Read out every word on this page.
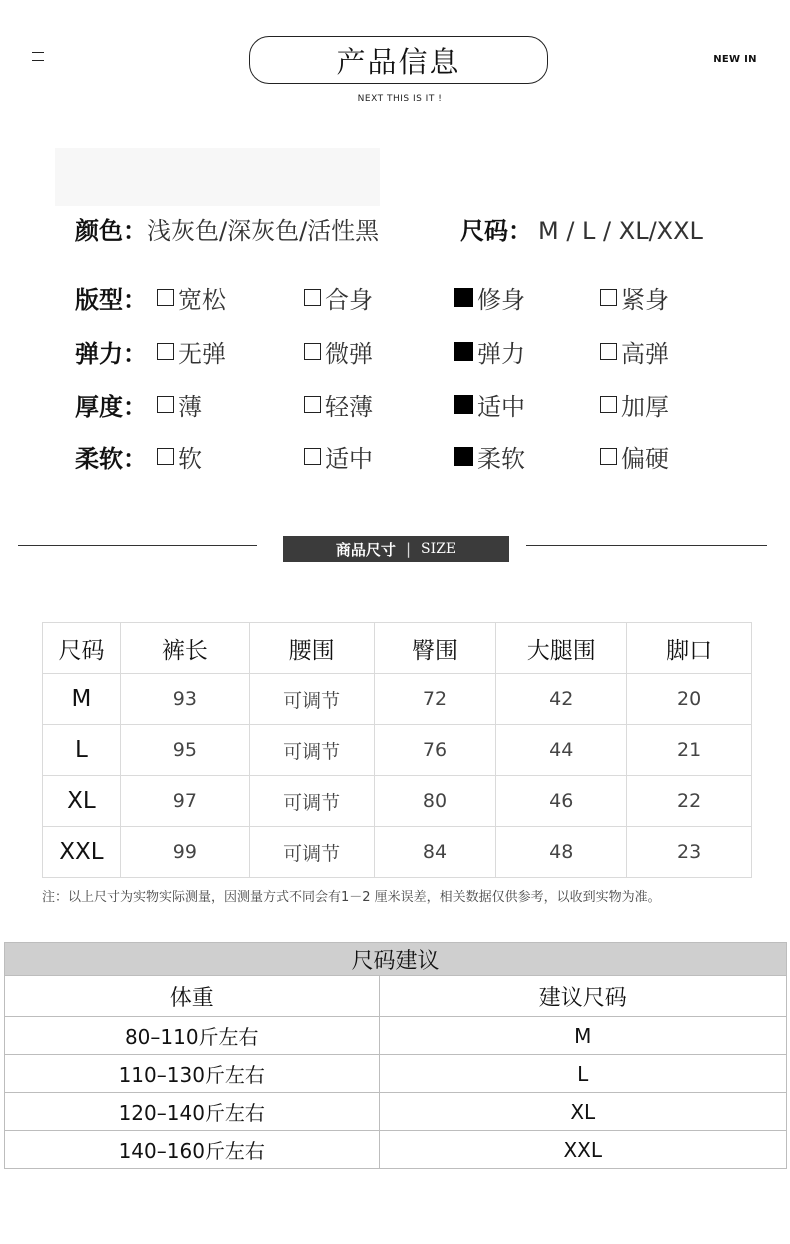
产品信息	NEW IN
NEXT THIS IS IT !
颜色：浅灰色/深灰色/活性黑	尺码： M / L / XL/XXL
版型： 宽松	合身	修身	紧身
弹力： 无弹	微弹	弹力	高弹
厚度： 薄	轻薄	适中	加厚
柔软： 软	适中	柔软	偏硬
商品尺寸 | SIZE
尺码	裤长	腰围	臀围	大腿围	脚口
M	93	可调节	72	42	20
L	95	可调节	76	44	21
XL	97	可调节	80	46	22
XXL	99	可调节	84	48	23
注：以上尺寸为实物实际测量，因测量方式不同会有1－2 厘米误差，相关数据仅供参考，以收到实物为准。
尺码建议	
体重	建议尺码
80–110斤左右	M
110–130斤左右	L
120–140斤左右	XL
140–160斤左右	XXL
